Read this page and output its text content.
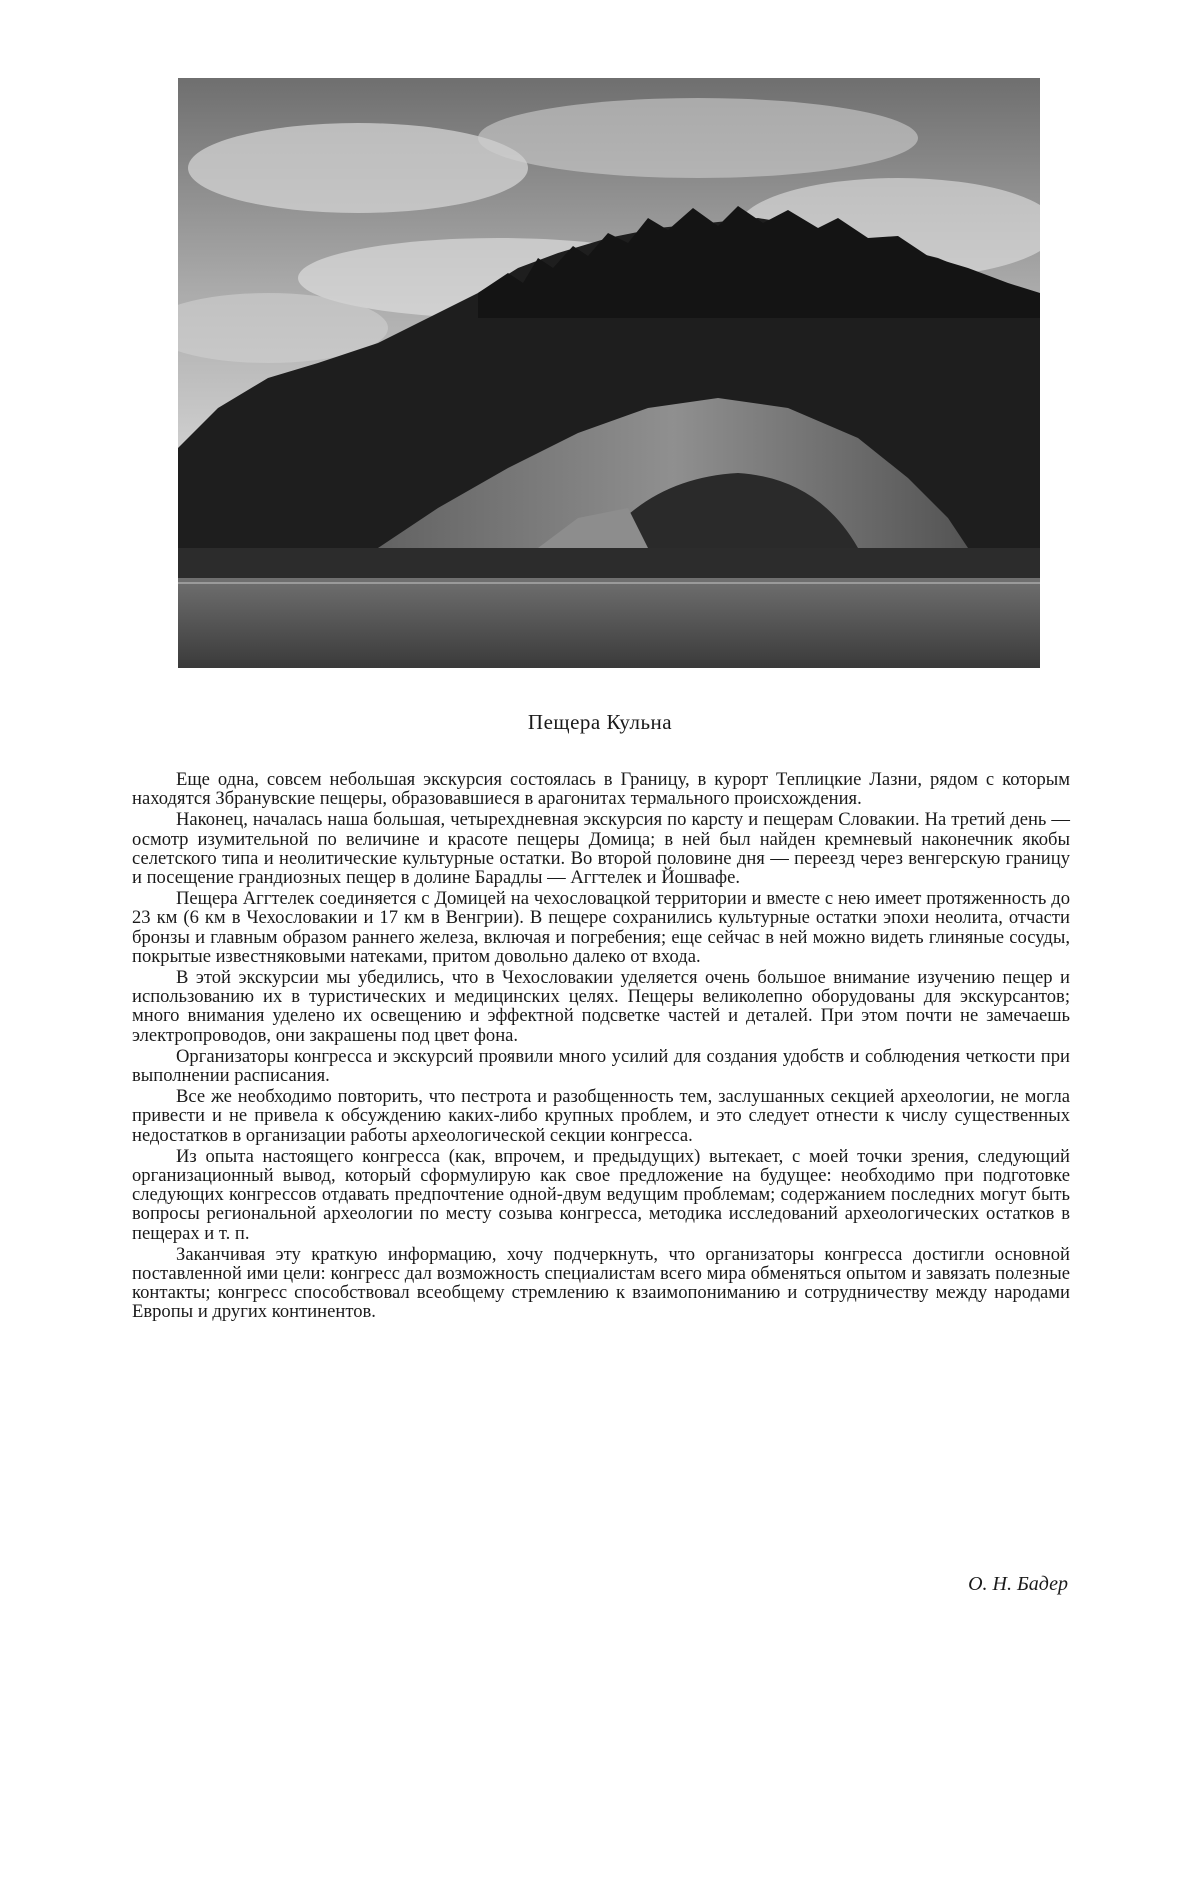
Пещера Кульна

Еще одна, совсем небольшая экскурсия состоялась в Границу, в курорт Теплицкие Лазни, рядом с которым находятся Збранувские пещеры, образовавшиеся в арагонитах термального происхождения.

Наконец, началась наша большая, четырехдневная экскурсия по карсту и пещерам Словакии. На третий день — осмотр изумительной по величине и красоте пещеры Домица; в ней был найден кремневый наконечник якобы селетского типа и неолитические культурные остатки. Во второй половине дня — переезд через венгерскую границу и посещение грандиозных пещер в долине Барадлы — Аггтелек и Йошвафе.

Пещера Аггтелек соединяется с Домицей на чехословацкой территории и вместе с нею имеет протяженность до 23 км (6 км в Чехословакии и 17 км в Венгрии). В пещере сохранились культурные остатки эпохи неолита, отчасти бронзы и главным образом раннего железа, включая и погребения; еще сейчас в ней можно видеть глиняные сосуды, покрытые известняковыми натеками, притом довольно далеко от входа.

В этой экскурсии мы убедились, что в Чехословакии уделяется очень большое внимание изучению пещер и использованию их в туристических и медицинских целях. Пещеры великолепно оборудованы для экскурсантов; много внимания уделено их освещению и эффектной подсветке частей и деталей. При этом почти не замечаешь электропроводов, они закрашены под цвет фона.

Организаторы конгресса и экскурсий проявили много усилий для создания удобств и соблюдения четкости при выполнении расписания.

Все же необходимо повторить, что пестрота и разобщенность тем, заслушанных секцией археологии, не могла привести и не привела к обсуждению каких-либо крупных проблем, и это следует отнести к числу существенных недостатков в организации работы археологической секции конгресса.

Из опыта настоящего конгресса (как, впрочем, и предыдущих) вытекает, с моей точки зрения, следующий организационный вывод, который сформулирую как свое предложение на будущее: необходимо при подготовке следующих конгрессов отдавать предпочтение одной-двум ведущим проблемам; содержанием последних могут быть вопросы региональной археологии по месту созыва конгресса, методика исследований археологических остатков в пещерах и т. п.

Заканчивая эту краткую информацию, хочу подчеркнуть, что организаторы конгресса достигли основной поставленной ими цели: конгресс дал возможность специалистам всего мира обменяться опытом и завязать полезные контакты; конгресс способствовал всеобщему стремлению к взаимопониманию и сотрудничеству между народами Европы и других континентов.

О. Н. Бадер
